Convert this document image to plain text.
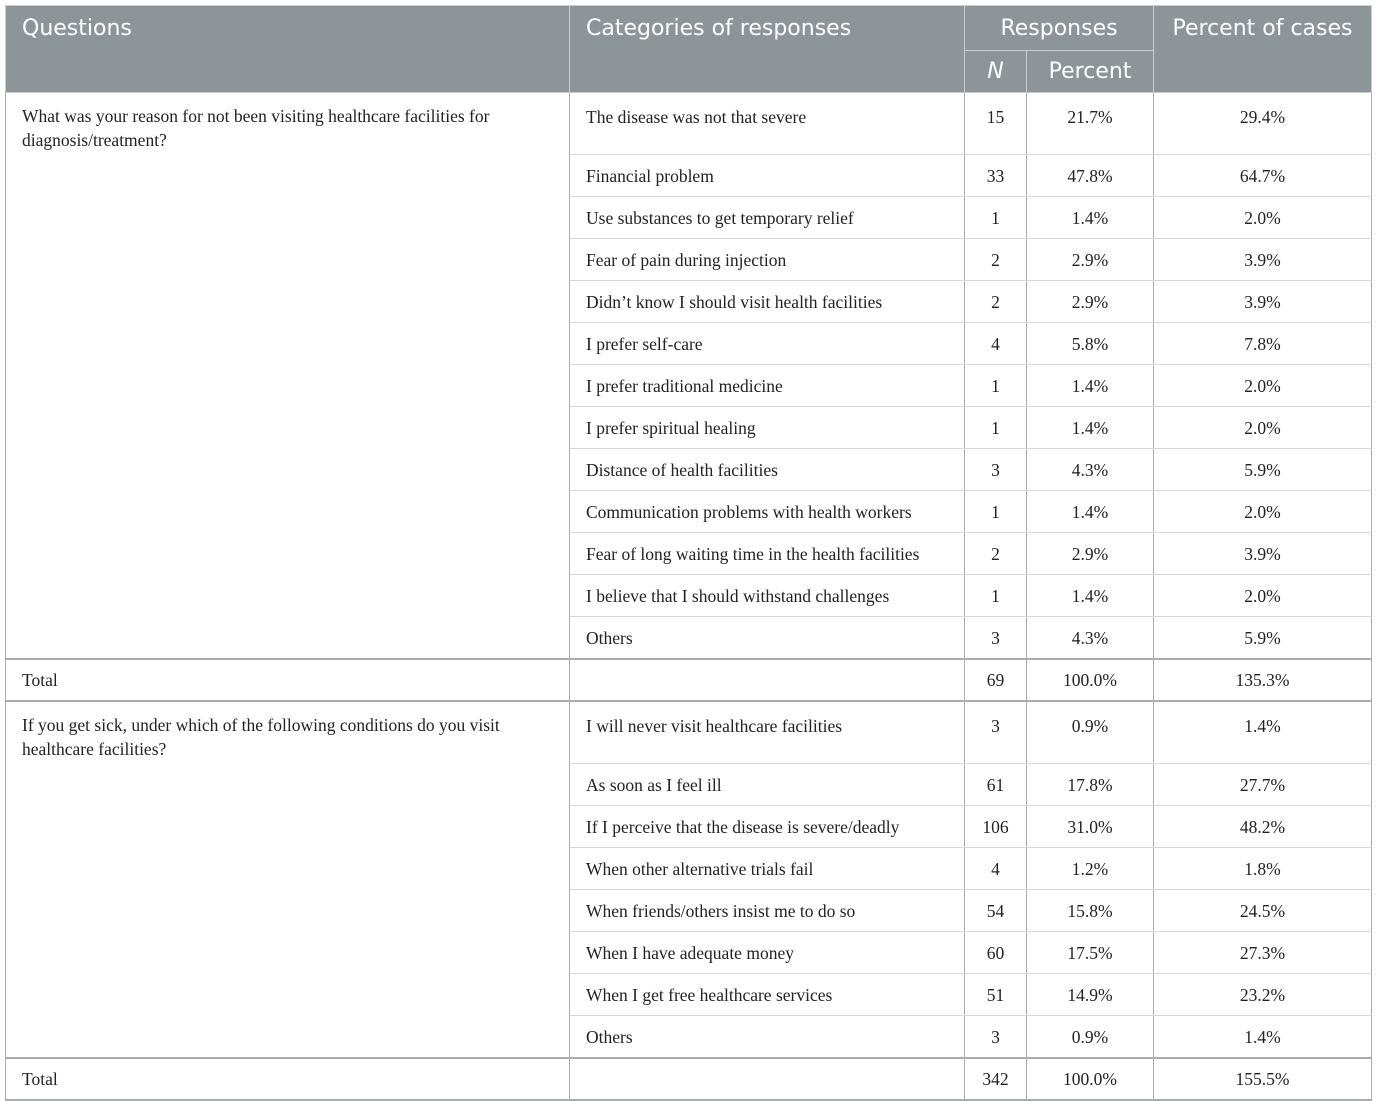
Questions	Categories of responses	Responses		Percent of cases
		N	Percent	
What was your reason for not been visiting healthcare facilities for diagnosis/treatment?	The disease was not that severe	15	21.7%	29.4%
	Financial problem	33	47.8%	64.7%
	Use substances to get temporary relief	1	1.4%	2.0%
	Fear of pain during injection	2	2.9%	3.9%
	Didn’t know I should visit health facilities	2	2.9%	3.9%
	I prefer self-care	4	5.8%	7.8%
	I prefer traditional medicine	1	1.4%	2.0%
	I prefer spiritual healing	1	1.4%	2.0%
	Distance of health facilities	3	4.3%	5.9%
	Communication problems with health workers	1	1.4%	2.0%
	Fear of long waiting time in the health facilities	2	2.9%	3.9%
	I believe that I should withstand challenges	1	1.4%	2.0%
	Others	3	4.3%	5.9%
Total		69	100.0%	135.3%
If you get sick, under which of the following conditions do you visit healthcare facilities?	I will never visit healthcare facilities	3	0.9%	1.4%
	As soon as I feel ill	61	17.8%	27.7%
	If I perceive that the disease is severe/deadly	106	31.0%	48.2%
	When other alternative trials fail	4	1.2%	1.8%
	When friends/others insist me to do so	54	15.8%	24.5%
	When I have adequate money	60	17.5%	27.3%
	When I get free healthcare services	51	14.9%	23.2%
	Others	3	0.9%	1.4%
Total		342	100.0%	155.5%
